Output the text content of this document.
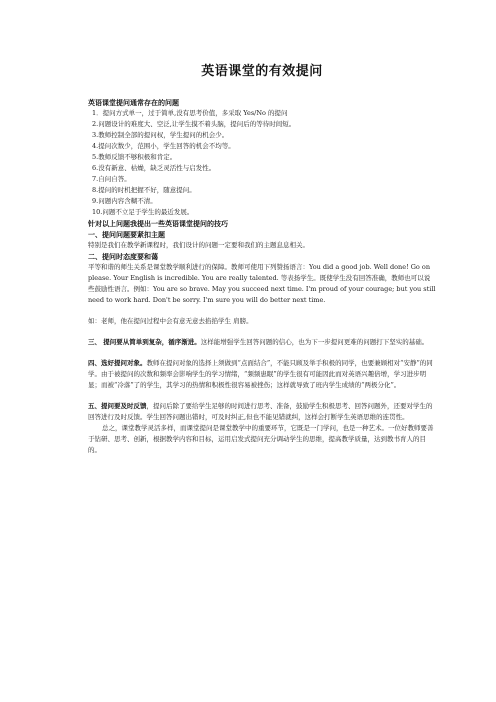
英语课堂的有效提问

英语课堂提问通常存在的问题

1．提问方式单一，过于简单,没有思考价值，多采取 Yes/No 的提问

2.问题设计的难度大、空泛,让学生摸不着头脑，提问后的等待时间短。

3.教师控制全部的提问权，学生提问的机会少。

4.提问次数少，范围小，学生回答的机会不均等。

5.教师反馈不够积极和肯定。

6.没有新意、枯燥，缺乏灵活性与启发性。

7.自问自答。

8.提问的时机把握不好，随意提问。

9.问题内容含糊不清。

10.问题不立足于学生的最近发展。

针对以上问题我提出一些英语课堂提问的技巧

一、提问问题要紧扣主题

特别是我们在教学新课程时，我们设计的问题一定要和我们的主题息息相关。

二、提问时态度要和蔼

平等和谐的师生关系是课堂教学顺利进行的保障。教师可使用下列赞扬语言：You did a good job. Well done! Go on please. Your English is incredible. You are really talented. 等表扬学生。既使学生没有回答准确，教师也可以说些鼓励性语言。例如：You are so brave. May you succeed next time. I'm proud of your courage; but you still need to work hard. Don't be sorry. I'm sure you will do better next time.

如：老师，他在提问过程中会有意无意去掐掐学生 肩膀。

三、 提问要从简单到复杂，循序渐进。这样能增强学生回答问题的信心，也为下一步提问更难的问题打下坚实的基础。

四、选好提问对象。教师在提问对象的选择上须做到“点面结合”，不能只顾及举手积极的同学，也要兼顾相对“安静”的同学。由于被提问的次数和频率会影响学生的学习情绪，“频频患眠”的学生很有可能因此而对英语兴趣倍增，学习进步明显；而被“冷落”了的学生，其学习的热情和积极性很容易被挫伤；这样就导致了班内学生成绩的“两极分化”。

五、提问要及时反馈，提问后除了要给学生足够的时间进行思考、准备，鼓励学生积极思考、回答问题外，还要对学生的回答进行及时反馈。学生回答问题出错时，可及时纠正,但也不能见错就纠，这样会打断学生英语思维的连贯性。

总之，课堂教学灵活多样，而课堂提问是课堂教学中的重要环节，它既是一门学问，也是一种艺术。一位好教师要善于钻研、思考、创新，根据教学内容和目标，运用启发式提问充分调动学生的思维，提高教学质量，达到教书育人的目的。
